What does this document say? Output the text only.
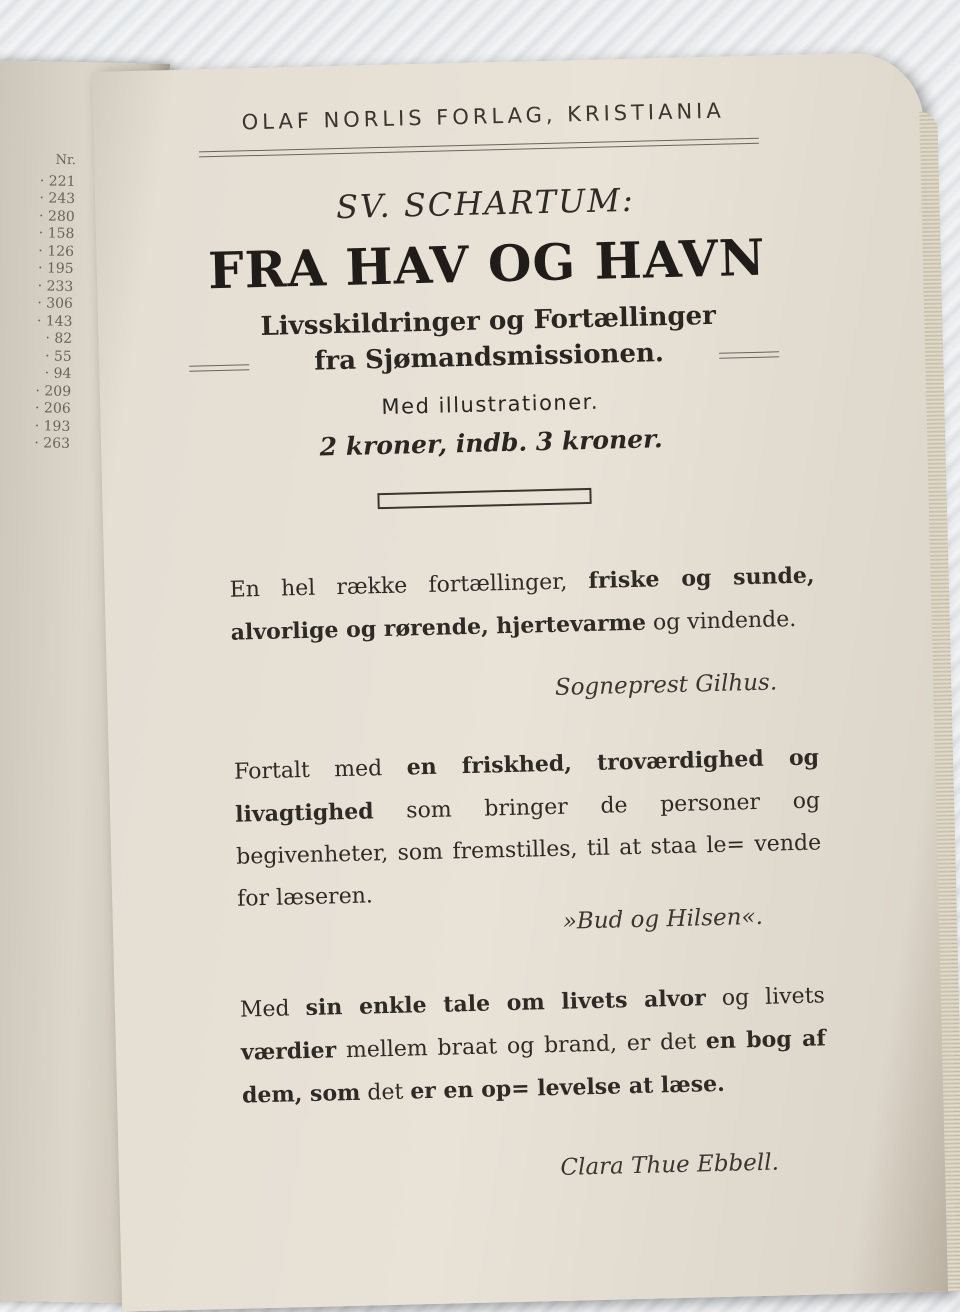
Nr.
· 221
· 243
· 280
· 158
· 126
· 195
· 233
· 306
· 143
· 82
· 55
· 94
· 209
· 206
· 193
· 263
OLAF NORLIS FORLAG, KRISTIANIA
SV. SCHARTUM:
FRA HAV OG HAVN
Livsskildringer og Fortællinger
fra Sjømandsmissionen.
Med illustrationer.
2 kroner, indb. 3 kroner.
En hel række fortællinger, friske og sunde, alvorlige og rørende, hjertevarme og vindende.
Sogneprest Gilhus.
Fortalt med en friskhed, troværdighed og livagtighed som bringer de personer og begivenheter, som fremstilles, til at staa le= vende for læseren.
»Bud og Hilsen«.
Med sin enkle tale om livets alvor og livets værdier mellem braat og brand, er det en bog af dem, som det er en op= levelse at læse.
Clara Thue Ebbell.
